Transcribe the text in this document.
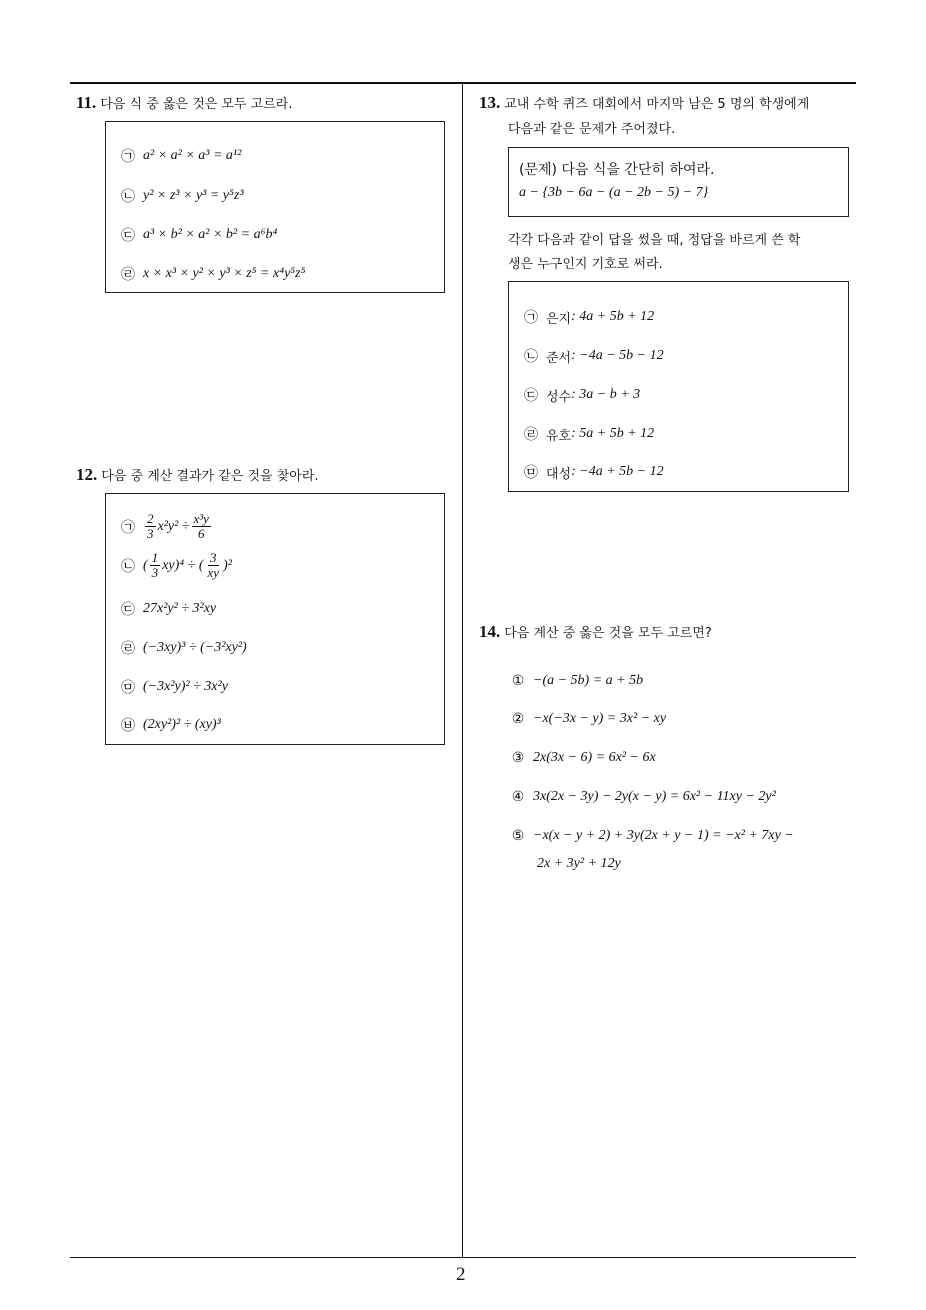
11. 다음 식 중 옳은 것은 모두 고르라.
㉠ a² × a² × a³ = a¹²
㉡ y² × z³ × y³ = y⁵z³
㉢ a³ × b² × a² × b² = a⁶b⁴
㉣ x × x³ × y² × y³ × z⁵ = x⁴y⁵z⁵
12. 다음 중 계산 결과가 같은 것을 찾아라.
㉠ $\frac{2}{3} x^2y^2 \div \frac{\text{x³y}}{6}$
㉡ ( $\frac{1}{3} xy)^4$ ÷ ( $\frac{3}{xy} )^2$
㉢ 27x²y² ÷ 3²xy
㉣ (−3xy)³ ÷ (−3²xy²)
㉤ (−3x²y)² ÷ 3x²y
㉥ (2xy²)² ÷ (xy)³
13. 교내 수학 퀴즈 대회에서 마지막 남은 5 명의 학생에게
다음과 같은 문제가 주어졌다.
(문제) 다음 식을 간단히 하여라.
a − {3b − 6a − (a − 2b − 5) − 7}
각각 다음과 같이 답을 썼을 때, 정답을 바르게 쓴 학
생은 누구인지 기호로 써라.
㉠ 은지 : 4a + 5b + 12
㉡ 준서 : −4a − 5b − 12
㉢ 성수 : 3a − b + 3
㉣ 유호 : 5a + 5b + 12
㉤ 대성 : −4a + 5b − 12
14. 다음 계산 중 옳은 것을 모두 고르면?
① −(a − 5b) = a + 5b
② −x(−3x − y) = 3x² − xy
③ 2x(3x − 6) = 6x² − 6x
④ 3x(2x − 3y) − 2y(x − y) = 6x² − 11xy − 2y²
⑤ −x(x − y + 2) + 3y(2x + y − 1) = −x² + 7xy −
2x + 3y² + 12y
2
